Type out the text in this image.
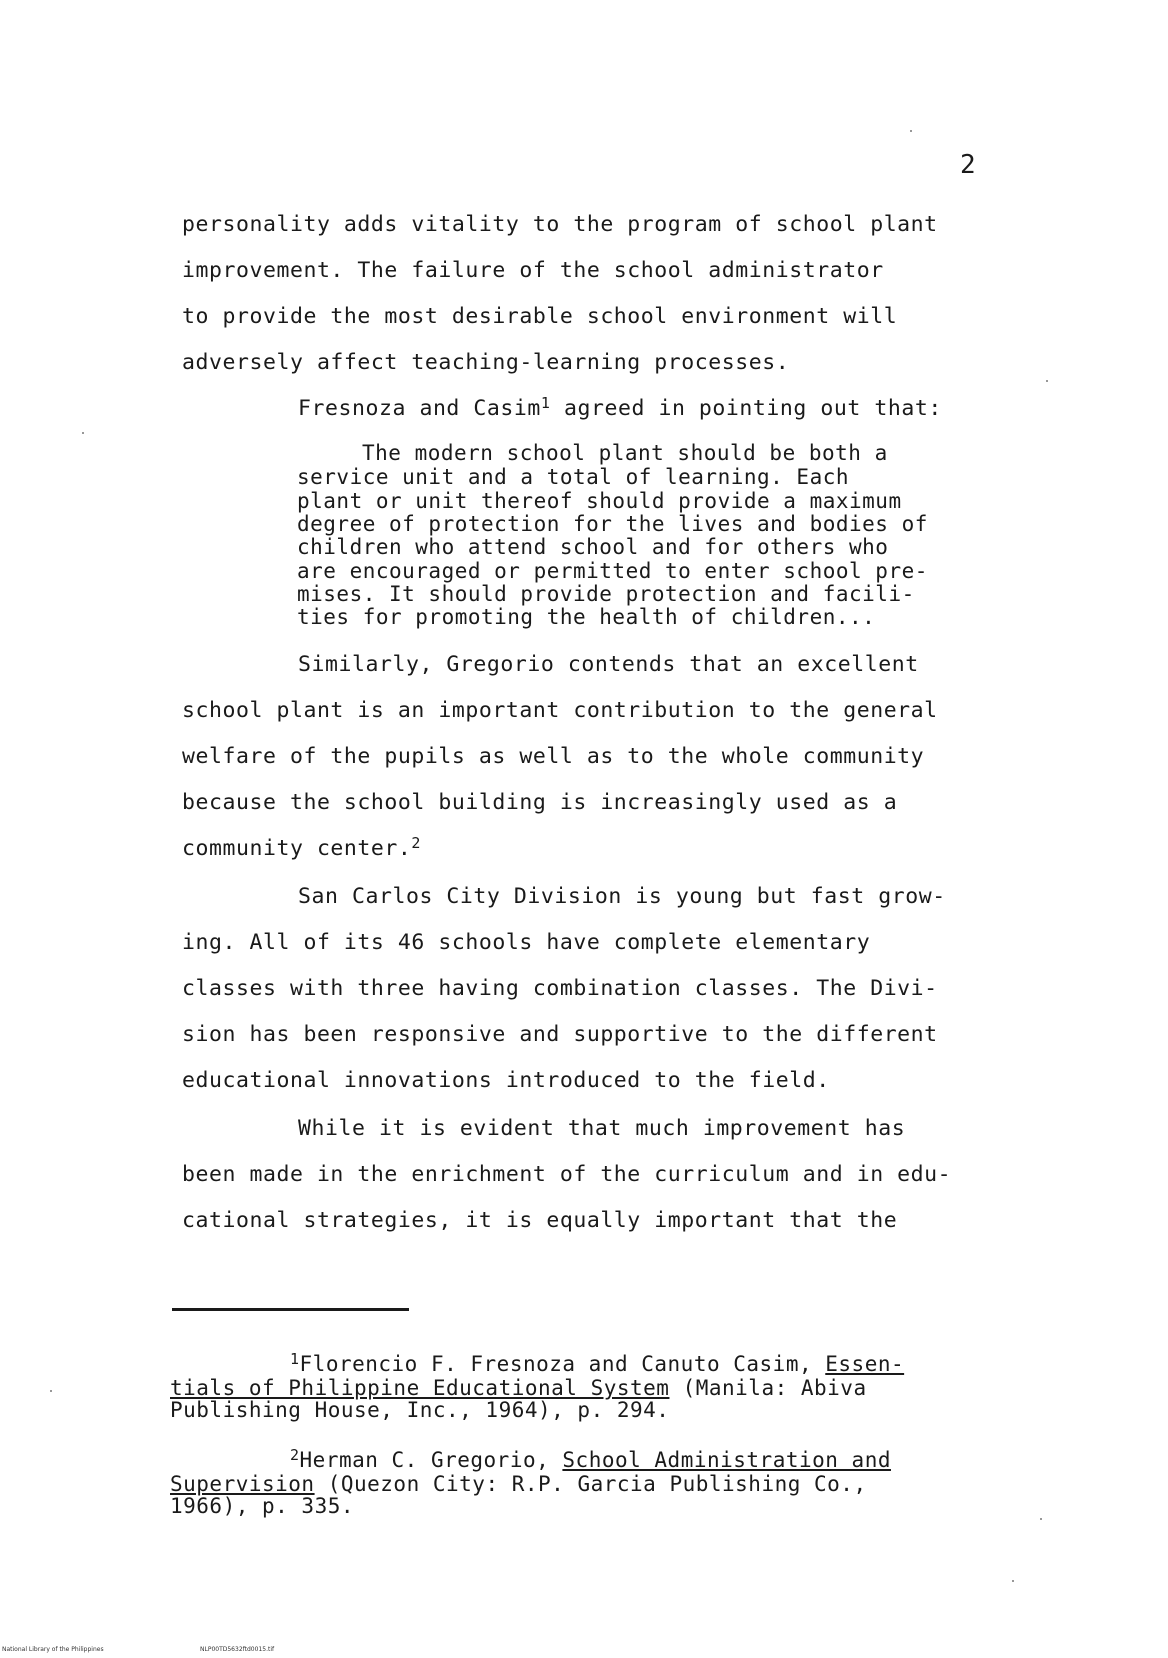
2
personality adds vitality to the program of school plant
improvement. The failure of the school administrator
to provide the most desirable school environment will
adversely affect teaching-learning processes.
Fresnoza and Casim$^1$ agreed in pointing out that:
The modern school plant should be both a
service unit and a total of learning. Each
plant or unit thereof should provide a maximum
degree of protection for the lives and bodies of
children who attend school and for others who
are encouraged or permitted to enter school pre-
mises. It should provide protection and facili-
ties for promoting the health of children...
Similarly, Gregorio contends that an excellent
school plant is an important contribution to the general
welfare of the pupils as well as to the whole community
because the school building is increasingly used as a
community center.$^2$
San Carlos City Division is young but fast grow-
ing. All of its 46 schools have complete elementary
classes with three having combination classes. The Divi-
sion has been responsive and supportive to the different
educational innovations introduced to the field.
While it is evident that much improvement has
been made in the enrichment of the curriculum and in edu-
cational strategies, it is equally important that the
$^1$Florencio F. Fresnoza and Canuto Casim, Essen-
tials of Philippine Educational System (Manila: Abiva
Publishing House, Inc., 1964), p. 294.
$^2$Herman C. Gregorio, School Administration and
Supervision (Quezon City: R.P. Garcia Publishing Co.,
1966), p. 335.
National Library of the Philippines	NLP00TD5632ftd0015.tif
